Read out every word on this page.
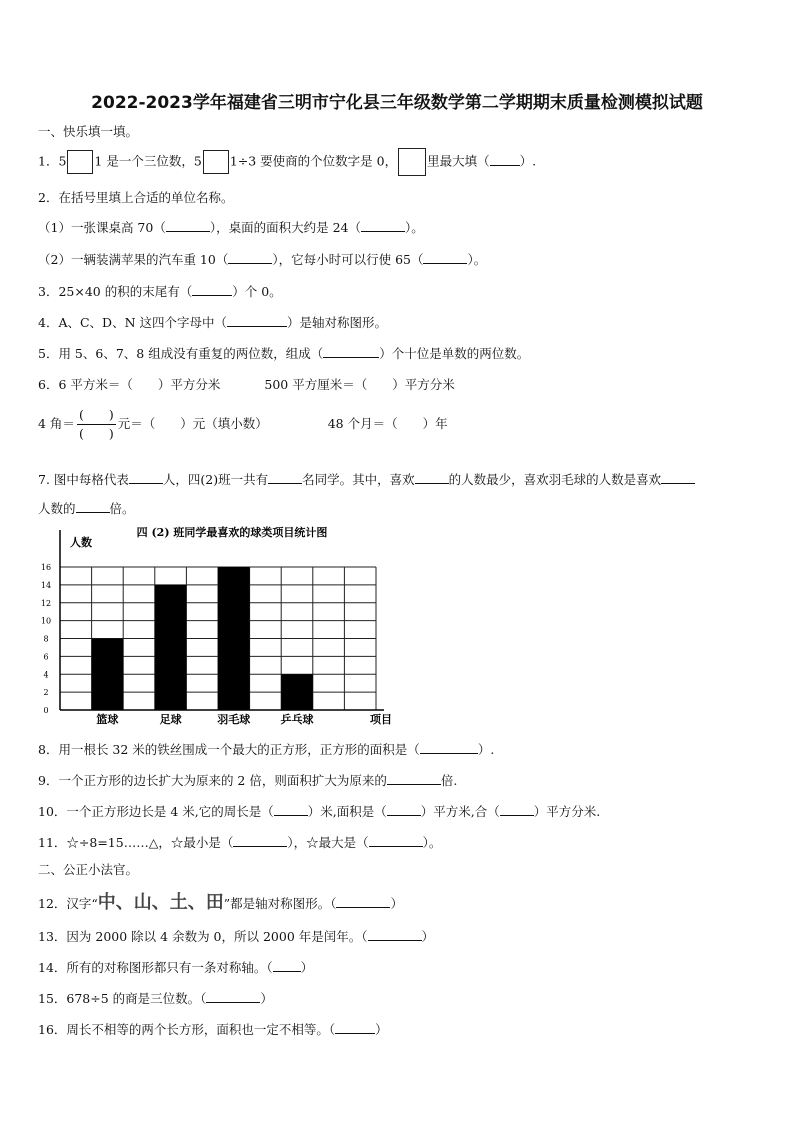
2022-2023学年福建省三明市宁化县三年级数学第二学期期末质量检测模拟试题
一、快乐填一填。
1．5 1 是一个三位数，5 1÷3 要使商的个位数字是 0， 里最大填（ ）.
2．在括号里填上合适的单位名称。
（1）一张课桌高 70（	），桌面的面积大约是 24（	）。
（2）一辆装满苹果的汽车重 10（	），它每小时可以行使 65（	）。
3．25×40 的积的末尾有（	）个 0。
4．A、C、D、N 这四个字母中（	）是轴对称图形。
5．用 5、6、7、8 组成没有重复的两位数，组成（	）个十位是单数的两位数。
6．6 平方米＝（　　）平方分米	500 平方厘米＝（　　）平方分米
4 角＝ $\frac{( )}{( )}$ 元＝（　　）元（填小数）	48 个月＝（　　）年
7. 图中每格代表	人，四(2)班一共有	名同学。其中，喜欢	的人数最少，喜欢羽毛球的人数是喜欢
人数的	倍。
0
2
4
6
8
10
12
14
16
篮球	足球	羽毛球	乒乓球
人数
项目
四 (2) 班同学最喜欢的球类项目统计图
8．用一根长 32 米的铁丝围成一个最大的正方形，正方形的面积是（	）.
9．一个正方形的边长扩大为原来的 2 倍，则面积扩大为原来的	倍.
10．一个正方形边长是 4 米,它的周长是（	）米,面积是（	）平方米,合（	）平方分米.
11．☆÷8=15……△，☆最小是（	），☆最大是（	）。
二、公正小法官。
12．汉字“中、山、土、田”都是轴对称图形。（	）
13．因为 2000 除以 4 余数为 0，所以 2000 年是闰年。（	）
14．所有的对称图形都只有一条对称轴。（ ）
15．678÷5 的商是三位数。（	）
16．周长不相等的两个长方形，面积也一定不相等。（	）
